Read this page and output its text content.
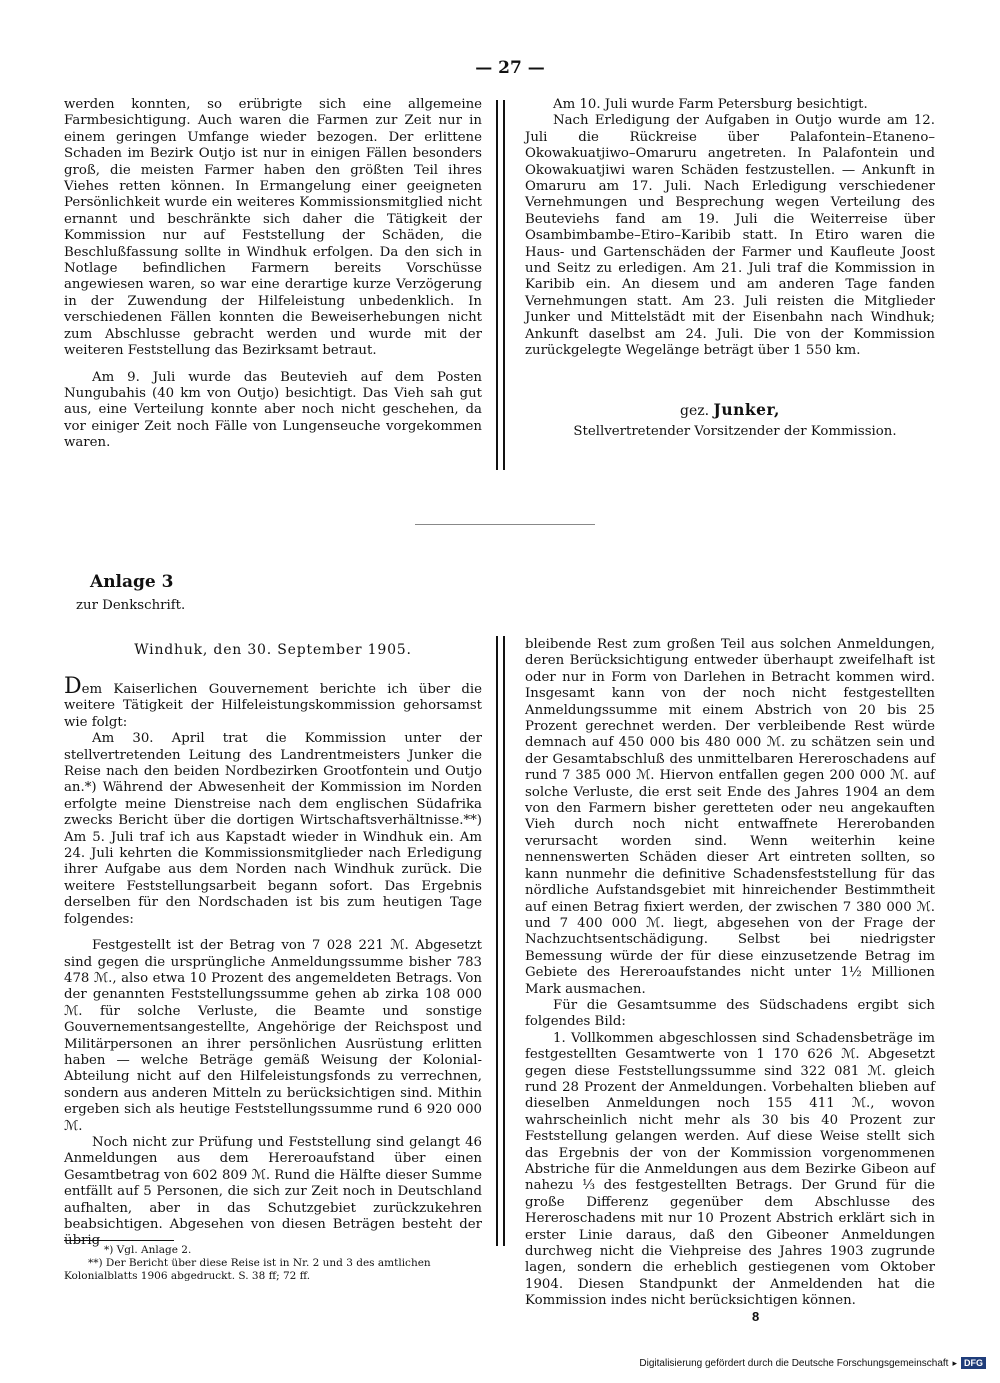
— 27 —

werden konnten, so erübrigte sich eine allgemeine Farmbesichtigung. Auch waren die Farmen zur Zeit nur in einem geringen Umfange wieder bezogen. Der erlittene Schaden im Bezirk Outjo ist nur in einigen Fällen besonders groß, die meisten Farmer haben den größten Teil ihres Viehes retten können. In Ermangelung einer geeigneten Persönlichkeit wurde ein weiteres Kommissionsmitglied nicht ernannt und beschränkte sich daher die Tätigkeit der Kommission nur auf Feststellung der Schäden, die Beschlußfassung sollte in Windhuk erfolgen. Da den sich in Notlage befindlichen Farmern bereits Vorschüsse angewiesen waren, so war eine derartige kurze Verzögerung in der Zuwendung der Hilfeleistung unbedenklich. In verschiedenen Fällen konnten die Beweiserhebungen nicht zum Abschlusse gebracht werden und wurde mit der weiteren Feststellung das Bezirksamt betraut.

Am 9. Juli wurde das Beutevieh auf dem Posten Nungubahis (40 km von Outjo) besichtigt. Das Vieh sah gut aus, eine Verteilung konnte aber noch nicht geschehen, da vor einiger Zeit noch Fälle von Lungenseuche vorgekommen waren.

Am 10. Juli wurde Farm Petersburg besichtigt.

Nach Erledigung der Aufgaben in Outjo wurde am 12. Juli die Rückreise über Palafontein–Etaneno–Okowakuatjiwo–Omaruru angetreten. In Palafontein und Okowakuatjiwi waren Schäden festzustellen. — Ankunft in Omaruru am 17. Juli. Nach Erledigung verschiedener Vernehmungen und Besprechung wegen Verteilung des Beuteviehs fand am 19. Juli die Weiterreise über Osambimbambe–Etiro–Karibib statt. In Etiro waren die Haus- und Gartenschäden der Farmer und Kaufleute Joost und Seitz zu erledigen. Am 21. Juli traf die Kommission in Karibib ein. An diesem und am anderen Tage fanden Vernehmungen statt. Am 23. Juli reisten die Mitglieder Junker und Mittelstädt mit der Eisenbahn nach Windhuk; Ankunft daselbst am 24. Juli. Die von der Kommission zurückgelegte Wegelänge beträgt über 1 550 km.

gez. Junker,
Stellvertretender Vorsitzender der Kommission.
Anlage 3
zur Denkschrift.
Windhuk, den 30. September 1905.

Dem Kaiserlichen Gouvernement berichte ich über die weitere Tätigkeit der Hilfeleistungskommission gehorsamst wie folgt:

Am 30. April trat die Kommission unter der stellvertretenden Leitung des Landrentmeisters Junker die Reise nach den beiden Nordbezirken Grootfontein und Outjo an.*) Während der Abwesenheit der Kommission im Norden erfolgte meine Dienstreise nach dem englischen Südafrika zwecks Bericht über die dortigen Wirtschaftsverhältnisse.**) Am 5. Juli traf ich aus Kapstadt wieder in Windhuk ein. Am 24. Juli kehrten die Kommissionsmitglieder nach Erledigung ihrer Aufgabe aus dem Norden nach Windhuk zurück. Die weitere Feststellungsarbeit begann sofort. Das Ergebnis derselben für den Nordschaden ist bis zum heutigen Tage folgendes:

Festgestellt ist der Betrag von 7 028 221 ℳ. Abgesetzt sind gegen die ursprüngliche Anmeldungssumme bisher 783 478 ℳ., also etwa 10 Prozent des angemeldeten Betrags. Von der genannten Feststellungssumme gehen ab zirka 108 000 ℳ. für solche Verluste, die Beamte und sonstige Gouvernementsangestellte, Angehörige der Reichspost und Militärpersonen an ihrer persönlichen Ausrüstung erlitten haben — welche Beträge gemäß Weisung der Kolonial-Abteilung nicht auf den Hilfeleistungsfonds zu verrechnen, sondern aus anderen Mitteln zu berücksichtigen sind. Mithin ergeben sich als heutige Feststellungssumme rund 6 920 000 ℳ.

Noch nicht zur Prüfung und Feststellung sind gelangt 46 Anmeldungen aus dem Hereroaufstand über einen Gesamtbetrag von 602 809 ℳ. Rund die Hälfte dieser Summe entfällt auf 5 Personen, die sich zur Zeit noch in Deutschland aufhalten, aber in das Schutzgebiet zurückzukehren beabsichtigen. Abgesehen von diesen Beträgen besteht der übrig

bleibende Rest zum großen Teil aus solchen Anmeldungen, deren Berücksichtigung entweder überhaupt zweifelhaft ist oder nur in Form von Darlehen in Betracht kommen wird. Insgesamt kann von der noch nicht festgestellten Anmeldungssumme mit einem Abstrich von 20 bis 25 Prozent gerechnet werden. Der verbleibende Rest würde demnach auf 450 000 bis 480 000 ℳ. zu schätzen sein und der Gesamtabschluß des unmittelbaren Hereroschadens auf rund 7 385 000 ℳ. Hiervon entfallen gegen 200 000 ℳ. auf solche Verluste, die erst seit Ende des Jahres 1904 an dem von den Farmern bisher geretteten oder neu angekauften Vieh durch noch nicht entwaffnete Hererobanden verursacht worden sind. Wenn weiterhin keine nennenswerten Schäden dieser Art eintreten sollten, so kann nunmehr die definitive Schadensfeststellung für das nördliche Aufstandsgebiet mit hinreichender Bestimmtheit auf einen Betrag fixiert werden, der zwischen 7 380 000 ℳ. und 7 400 000 ℳ. liegt, abgesehen von der Frage der Nachzuchtsentschädigung. Selbst bei niedrigster Bemessung würde der für diese einzusetzende Betrag im Gebiete des Hereroaufstandes nicht unter 1½ Millionen Mark ausmachen.

Für die Gesamtsumme des Südschadens ergibt sich folgendes Bild:

1. Vollkommen abgeschlossen sind Schadensbeträge im festgestellten Gesamtwerte von 1 170 626 ℳ. Abgesetzt gegen diese Feststellungssumme sind 322 081 ℳ. gleich rund 28 Prozent der Anmeldungen. Vorbehalten blieben auf dieselben Anmeldungen noch 155 411 ℳ., wovon wahrscheinlich nicht mehr als 30 bis 40 Prozent zur Feststellung gelangen werden. Auf diese Weise stellt sich das Ergebnis der von der Kommission vorgenommenen Abstriche für die Anmeldungen aus dem Bezirke Gibeon auf nahezu ⅓ des festgestellten Betrags. Der Grund für die große Differenz gegenüber dem Abschlusse des Hereroschadens mit nur 10 Prozent Abstrich erklärt sich in erster Linie daraus, daß den Gibeoner Anmeldungen durchweg nicht die Viehpreise des Jahres 1903 zugrunde lagen, sondern die erheblich gestiegenen vom Oktober 1904. Diesen Standpunkt der Anmeldenden hat die Kommission indes nicht berücksichtigen können.

*) Vgl. Anlage 2.

**) Der Bericht über diese Reise ist in Nr. 2 und 3 des amtlichen Kolonialblatts 1906 abgedruckt. S. 38 ff; 72 ff.

8
Digitalisierung gefördert durch die Deutsche Forschungsgemeinschaft ▸ DFG
